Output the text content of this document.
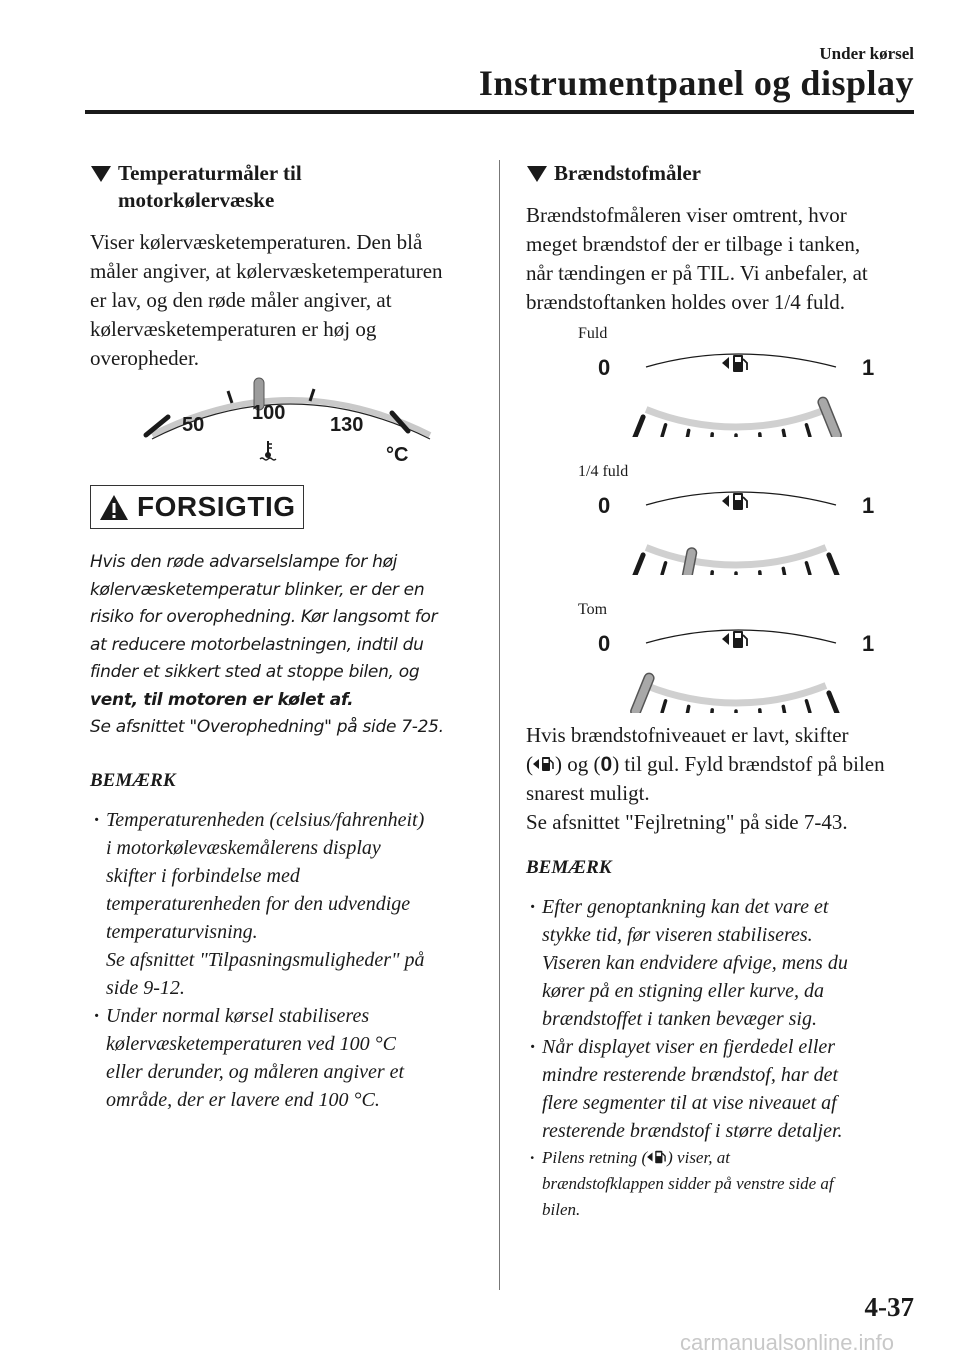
Under kørsel
Instrumentpanel og display
Temperaturmåler til
motorkølervæske
Viser kølervæsketemperaturen. Den blå
måler angiver, at kølervæsketemperaturen
er lav, og den røde måler angiver, at
kølervæsketemperaturen er høj og
overopheder.
50
100
130
°C
FORSIGTIG
Hvis den røde advarselslampe for høj
kølervæsketemperatur blinker, er der en
risiko for overophedning. Kør langsomt for
at reducere motorbelastningen, indtil du
finder et sikkert sted at stoppe bilen, og
vent, til motoren er kølet af.
Se afsnittet "Overophedning" på side 7-25.
BEMÆRK
· Temperaturenheden (celsius/fahrenheit)
i motorkølevæskemålerens display
skifter i forbindelse med
temperaturenheden for den udvendige
temperaturvisning.
Se afsnittet "Tilpasningsmuligheder" på
side 9-12.
· Under normal kørsel stabiliseres
kølervæsketemperaturen ved 100 °C
eller derunder, og måleren angiver et
område, der er lavere end 100 °C.
Brændstofmåler
Brændstofmåleren viser omtrent, hvor
meget brændstof der er tilbage i tanken,
når tændingen er på TIL. Vi anbefaler, at
brændstoftanken holdes over 1/4 fuld.
Fuld
0	1
1/4 fuld
0	1
Tom
0	1
Hvis brændstofniveauet er lavt, skifter
( ) og (0) til gul. Fyld brændstof på bilen
snarest muligt.
Se afsnittet "Fejlretning" på side 7-43.
BEMÆRK
· Efter genoptankning kan det vare et
stykke tid, før viseren stabiliseres.
Viseren kan endvidere afvige, mens du
kører på en stigning eller kurve, da
brændstoffet i tanken bevæger sig.
· Når displayet viser en fjerdedel eller
mindre resterende brændstof, har det
flere segmenter til at vise niveauet af
resterende brændstof i større detaljer.
· Pilens retning ( ) viser, at
brændstofklappen sidder på venstre side af
bilen.
4-37
carmanualsonline.info
